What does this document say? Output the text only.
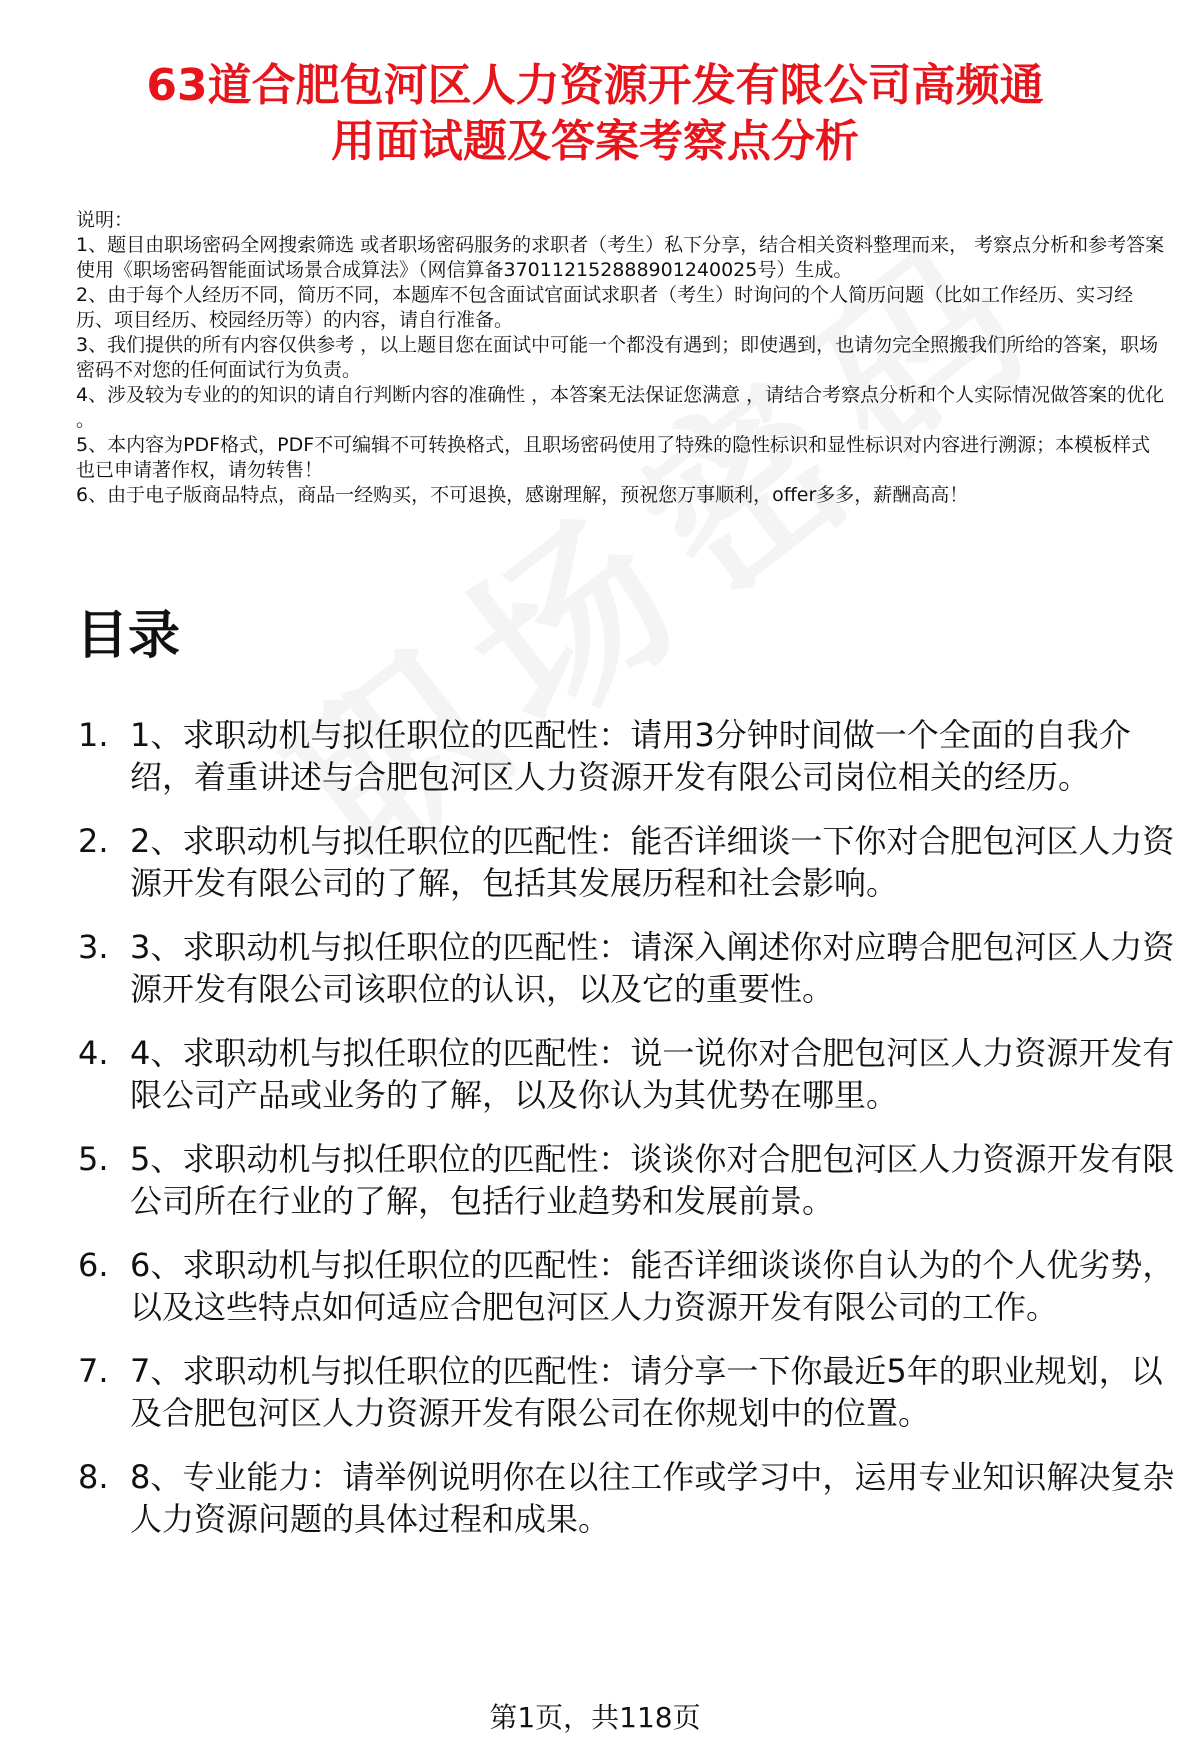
63道合肥包河区人力资源开发有限公司高频通
用面试题及答案考察点分析
说明：
1、题目由职场密码全网搜索筛选 或者职场密码服务的求职者（考生）私下分享，结合相关资料整理而来， 考察点分析和参考答案使用《职场密码智能面试场景合成算法》（网信算备370112152888901240025号）生成。
2、由于每个人经历不同，简历不同，本题库不包含面试官面试求职者（考生）时询问的个人简历问题（比如工作经历、实习经历、项目经历、校园经历等）的内容，请自行准备。
3、我们提供的所有内容仅供参考 ，以上题目您在面试中可能一个都没有遇到；即使遇到，也请勿完全照搬我们所给的答案，职场密码不对您的任何面试行为负责。
4、涉及较为专业的的知识的请自行判断内容的准确性 ，本答案无法保证您满意 ，请结合考察点分析和个人实际情况做答案的优化 。
5、本内容为PDF格式，PDF不可编辑不可转换格式，且职场密码使用了特殊的隐性标识和显性标识对内容进行溯源；本模板样式也已申请著作权，请勿转售！
6、由于电子版商品特点，商品一经购买，不可退换，感谢理解，预祝您万事顺利，offer多多，薪酬高高！
目录
1. 1、求职动机与拟任职位的匹配性：请用3分钟时间做一个全面的自我介绍，着重讲述与合肥包河区人力资源开发有限公司岗位相关的经历。
2. 2、求职动机与拟任职位的匹配性：能否详细谈一下你对合肥包河区人力资源开发有限公司的了解，包括其发展历程和社会影响。
3. 3、求职动机与拟任职位的匹配性：请深入阐述你对应聘合肥包河区人力资源开发有限公司该职位的认识，以及它的重要性。
4. 4、求职动机与拟任职位的匹配性：说一说你对合肥包河区人力资源开发有限公司产品或业务的了解，以及你认为其优势在哪里。
5. 5、求职动机与拟任职位的匹配性：谈谈你对合肥包河区人力资源开发有限公司所在行业的了解，包括行业趋势和发展前景。
6. 6、求职动机与拟任职位的匹配性：能否详细谈谈你自认为的个人优劣势，以及这些特点如何适应合肥包河区人力资源开发有限公司的工作。
7. 7、求职动机与拟任职位的匹配性：请分享一下你最近5年的职业规划，以及合肥包河区人力资源开发有限公司在你规划中的位置。
8. 8、专业能力：请举例说明你在以往工作或学习中，运用专业知识解决复杂人力资源问题的具体过程和成果。
第1页，共118页
